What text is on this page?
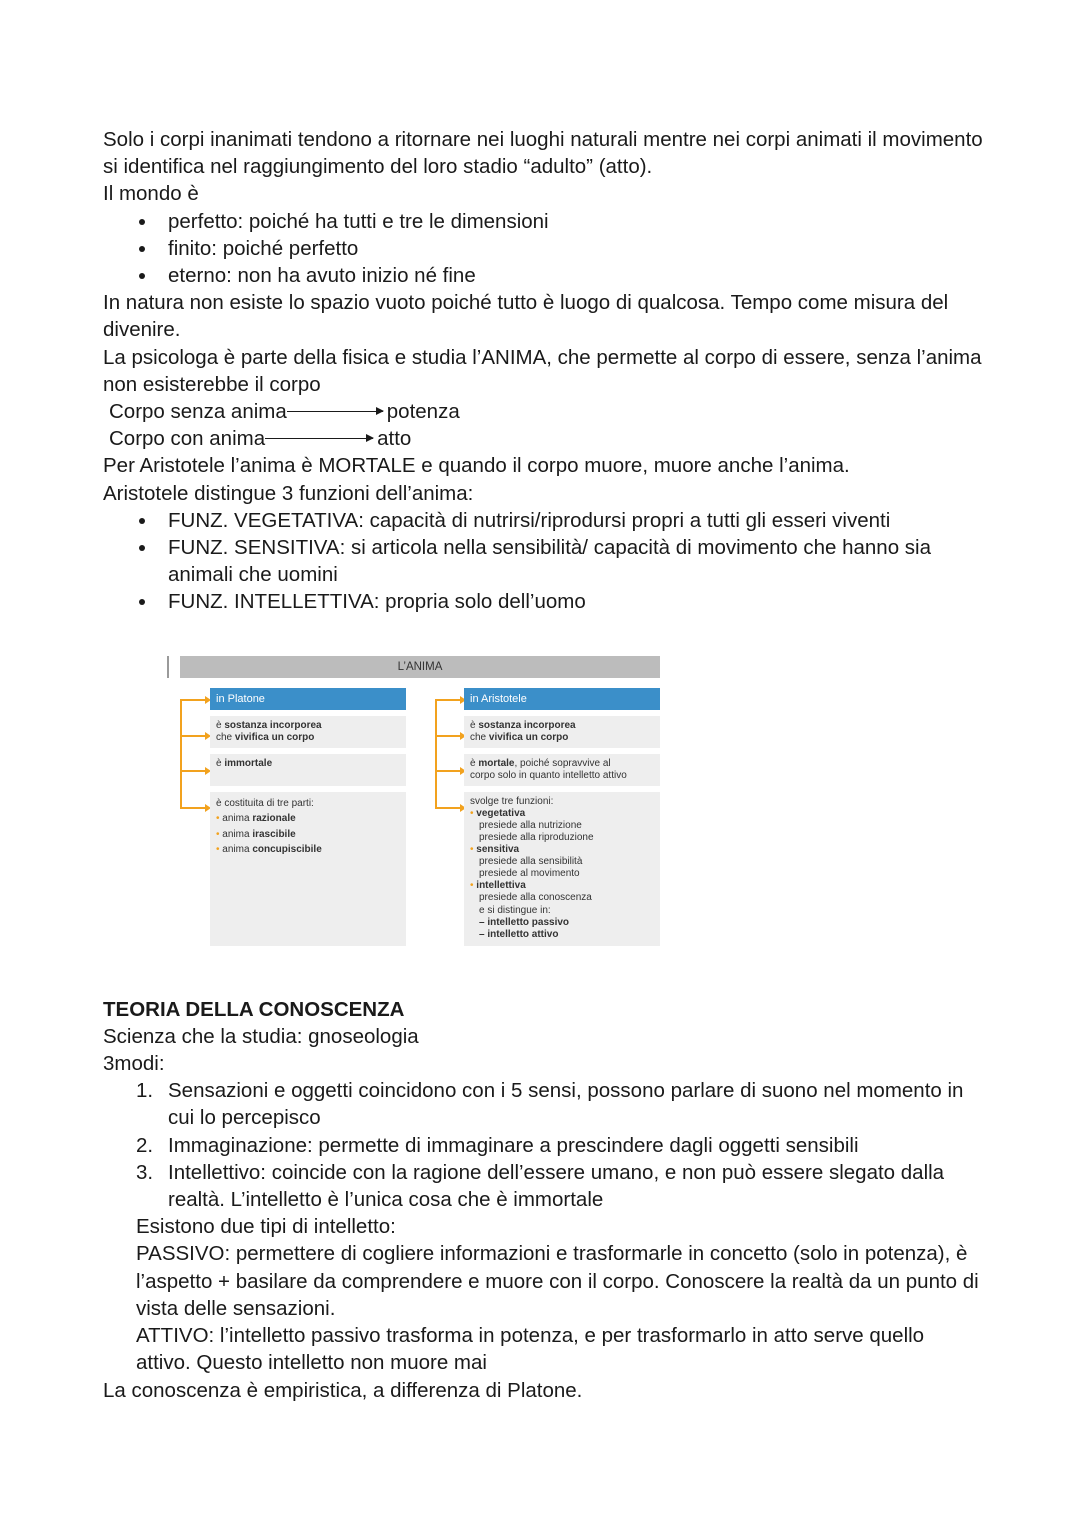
Solo i corpi inanimati tendono a ritornare nei luoghi naturali mentre nei corpi animati il movimento si identifica nel raggiungimento del loro stadio “adulto” (atto).

Il mondo è

perfetto: poiché ha tutti e tre le dimensioni
finito: poiché perfetto
eterno: non ha avuto inizio né fine

In natura non esiste lo spazio vuoto poiché tutto è luogo di qualcosa. Tempo come misura del divenire.

La psicologa è parte della fisica e studia l’ANIMA, che permette al corpo di essere, senza l’anima non esisterebbe il corpo

Corpo senza anima	potenza
Corpo con anima	atto

Per Aristotele l’anima è MORTALE e quando il corpo muore, muore anche l’anima.

Aristotele distingue 3 funzioni dell’anima:

FUNZ. VEGETATIVA: capacità di nutrirsi/riprodursi propri a tutti gli esseri viventi
FUNZ. SENSITIVA: si articola nella sensibilità/ capacità di movimento che hanno sia animali che uomini
FUNZ. INTELLETTIVA: propria solo dell’uomo
L’ANIMA
in Platone
è sostanza incorporea
che vivifica un corpo
è immortale
è costituita di tre parti:
• anima razionale
• anima irascibile
• anima concupiscibile
in Aristotele
è sostanza incorporea
che vivifica un corpo
è mortale, poiché sopravvive al
corpo solo in quanto intelletto attivo
svolge tre funzioni:
• vegetativa

presiede alla nutrizione
presiede alla riproduzione
• sensitiva

presiede alla sensibilità
presiede al movimento
• intellettiva

presiede alla conoscenza
e si distingue in:
– intelletto passivo
– intelletto attivo

TEORIA DELLA CONOSCENZA

Scienza che la studia: gnoseologia

3modi:

1. Sensazioni e oggetti coincidono con i 5 sensi, possono parlare di suono nel momento in cui lo percepisco
2. Immaginazione: permette di immaginare a prescindere dagli oggetti sensibili
3. Intellettivo: coincide con la ragione dell’essere umano, e non può essere slegato dalla realtà. L’intelletto è l’unica cosa che è immortale

Esistono due tipi di intelletto:

PASSIVO: permettere di cogliere informazioni e trasformarle in concetto (solo in potenza), è l’aspetto + basilare da comprendere e muore con il corpo. Conoscere la realtà da un punto di vista delle sensazioni.

ATTIVO: l’intelletto passivo trasforma in potenza, e per trasformarlo in atto serve quello attivo. Questo intelletto non muore mai

La conoscenza è empiristica, a differenza di Platone.
